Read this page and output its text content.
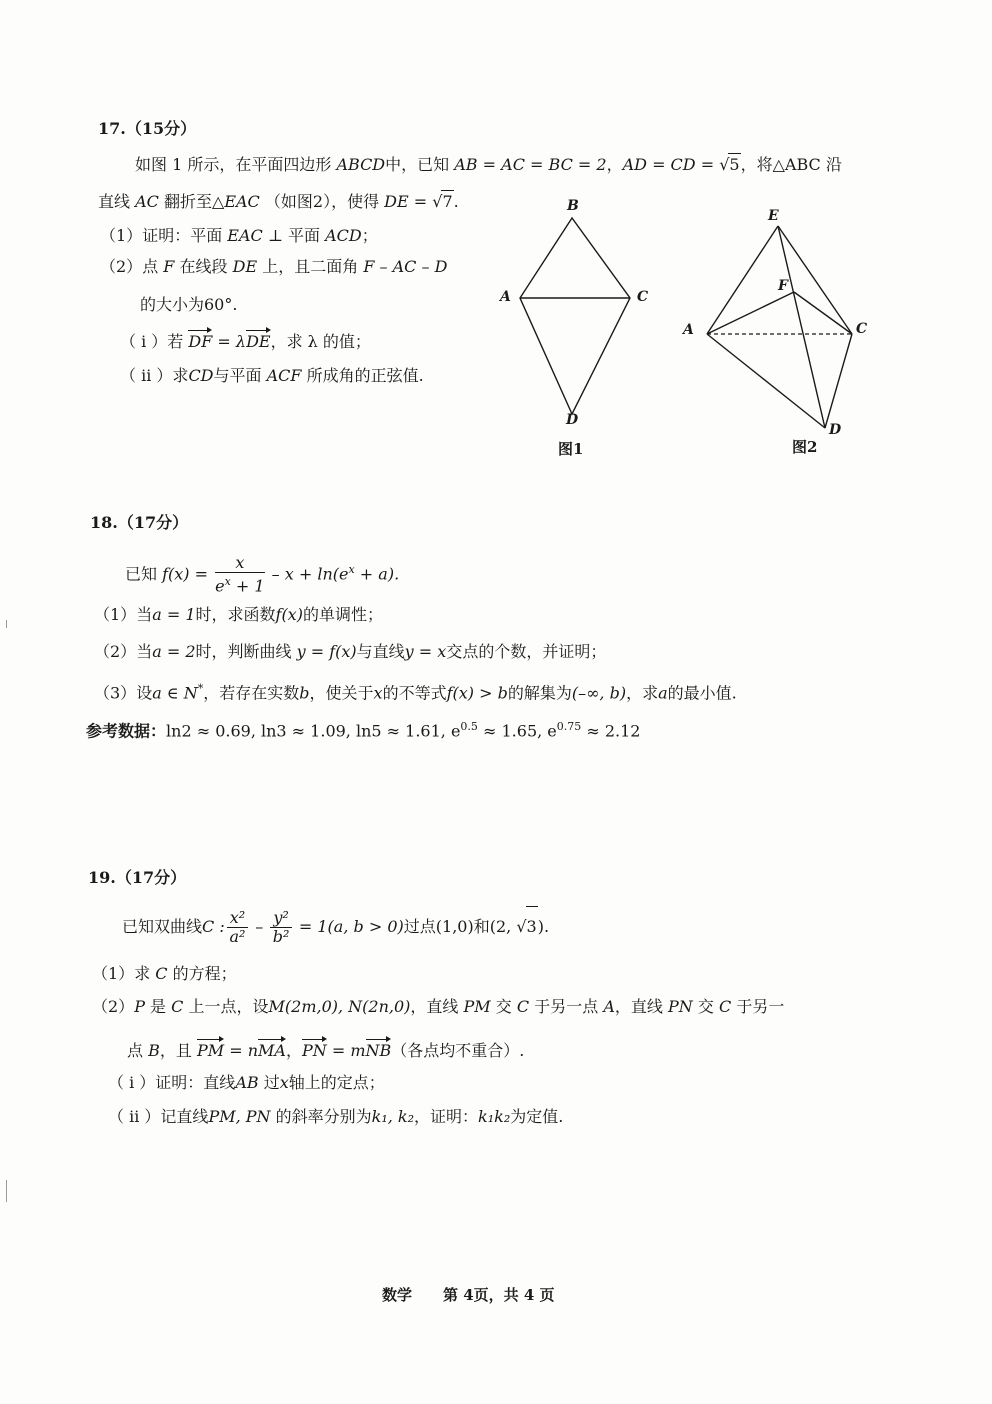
17.（15分）
如图 1 所示，在平面四边形 ABCD中，已知 AB = AC = BC = 2，AD = CD = √5，将△ABC 沿
直线 AC 翻折至△EAC （如图2），使得 DE = √7.
（1）证明：平面 EAC ⊥ 平面 ACD；
（2）点 F 在线段 DE 上，且二面角 F – AC – D
的大小为60°.
（ i ）若 DF = λDE，求 λ 的值；
（ ii ）求CD与平面 ACF 所成角的正弦值.
B
A	C
D
图1
E
F
A	C
D
图2
18.（17分）
已知 $f(x) = \frac{x}{e^x + 1} - x + \ln(e^x + a)$.
（1）当a = 1时，求函数f(x)的单调性；
（2）当a = 2时，判断曲线 y = f(x)与直线y = x交点的个数，并证明；
（3）设a ∈ N*，若存在实数b，使关于x的不等式f(x) > b的解集为(–∞, b)，求a的最小值.
参考数据：ln2 ≈ 0.69, ln3 ≈ 1.09, ln5 ≈ 1.61, $e^{0.5} \approx 1.65$, $e^{0.75} \approx 2.12$
19.（17分）
已知双曲线C : $\frac{\text{x²}}{\text{a²}} - \frac{\text{y²}}{\text{b²}} = 1(a$, b > 0)过点(1,0)和(2, √3).
（1）求 C 的方程；
（2）P 是 C 上一点，设M(2m,0), N(2n,0)，直线 PM 交 C 于另一点 A，直线 PN 交 C 于另一
点 B，且 PM = nMA，PN = mNB（各点均不重合）.
（ i ）证明：直线AB 过x轴上的定点；
（ ii ）记直线PM, PN 的斜率分别为k₁, k₂，证明：k₁k₂为定值.
数学 第 4页，共 4 页
